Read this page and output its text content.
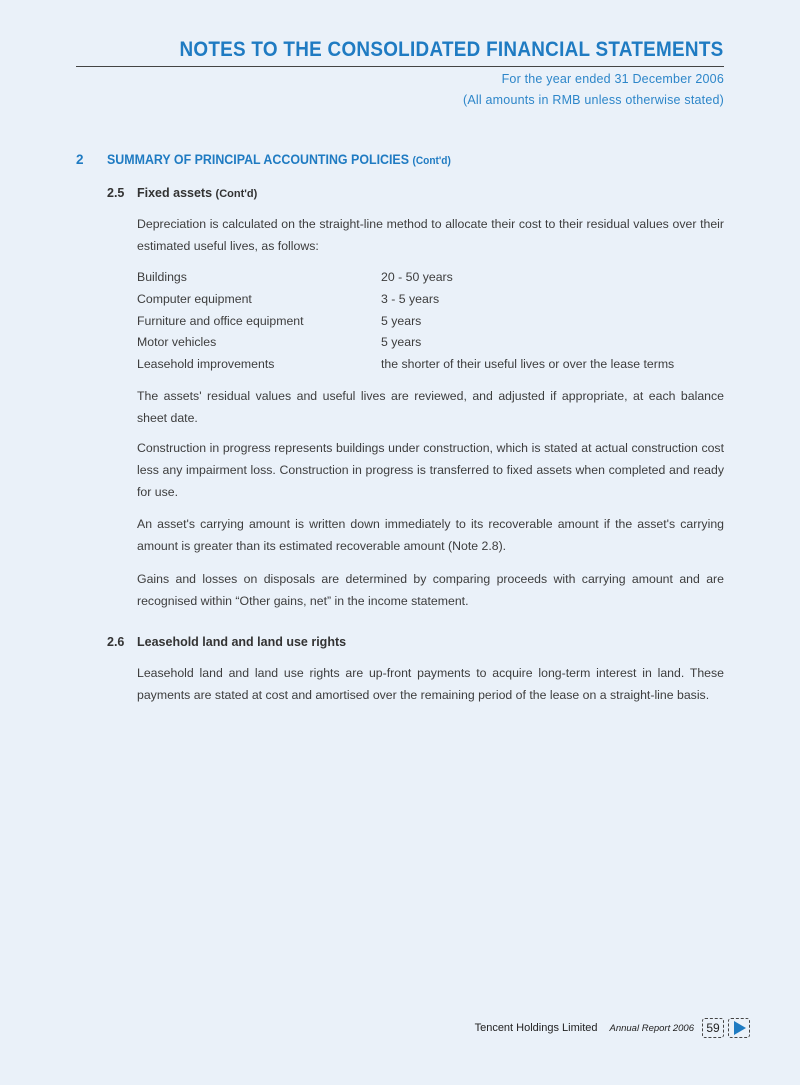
NOTES TO THE CONSOLIDATED FINANCIAL STATEMENTS
For the year ended 31 December 2006
(All amounts in RMB unless otherwise stated)
2 SUMMARY OF PRINCIPAL ACCOUNTING POLICIES (Cont'd)
2.5 Fixed assets (Cont'd)

Depreciation is calculated on the straight-line method to allocate their cost to their residual values over their estimated useful lives, as follows:

Buildings	20 - 50 years
Computer equipment	3 - 5 years
Furniture and office equipment	5 years
Motor vehicles	5 years
Leasehold improvements	the shorter of their useful lives or over the lease terms

The assets' residual values and useful lives are reviewed, and adjusted if appropriate, at each balance sheet date.

Construction in progress represents buildings under construction, which is stated at actual construction cost less any impairment loss. Construction in progress is transferred to fixed assets when completed and ready for use.

An asset's carrying amount is written down immediately to its recoverable amount if the asset's carrying amount is greater than its estimated recoverable amount (Note 2.8).

Gains and losses on disposals are determined by comparing proceeds with carrying amount and are recognised within “Other gains, net” in the income statement.

2.6 Leasehold land and land use rights

Leasehold land and land use rights are up-front payments to acquire long-term interest in land. These payments are stated at cost and amortised over the remaining period of the lease on a straight-line basis.

Tencent Holdings Limited Annual Report 2006	59
